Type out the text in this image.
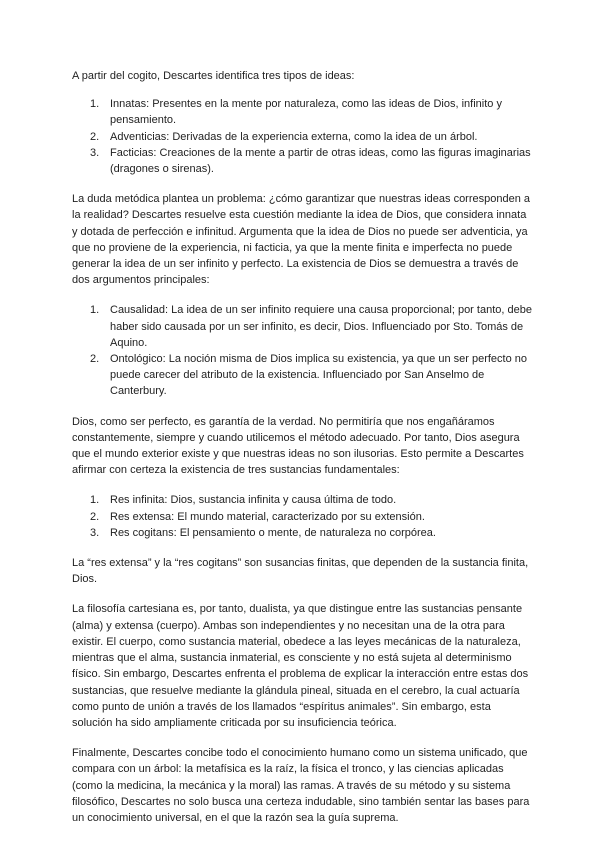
A partir del cogito, Descartes identifica tres tipos de ideas:

1. Innatas: Presentes en la mente por naturaleza, como las ideas de Dios, infinito y pensamiento.
2. Adventicias: Derivadas de la experiencia externa, como la idea de un árbol.
3. Facticias: Creaciones de la mente a partir de otras ideas, como las figuras imaginarias (dragones o sirenas).

La duda metódica plantea un problema: ¿cómo garantizar que nuestras ideas corresponden a la realidad? Descartes resuelve esta cuestión mediante la idea de Dios, que considera innata y dotada de perfección e infinitud. Argumenta que la idea de Dios no puede ser adventicia, ya que no proviene de la experiencia, ni facticia, ya que la mente finita e imperfecta no puede generar la idea de un ser infinito y perfecto. La existencia de Dios se demuestra a través de dos argumentos principales:

1. Causalidad: La idea de un ser infinito requiere una causa proporcional; por tanto, debe haber sido causada por un ser infinito, es decir, Dios. Influenciado por Sto. Tomás de Aquino.
2. Ontológico: La noción misma de Dios implica su existencia, ya que un ser perfecto no puede carecer del atributo de la existencia. Influenciado por San Anselmo de Canterbury.

Dios, como ser perfecto, es garantía de la verdad. No permitiría que nos engañáramos constantemente, siempre y cuando utilicemos el método adecuado. Por tanto, Dios asegura que el mundo exterior existe y que nuestras ideas no son ilusorias. Esto permite a Descartes afirmar con certeza la existencia de tres sustancias fundamentales:

1. Res infinita: Dios, sustancia infinita y causa última de todo.
2. Res extensa: El mundo material, caracterizado por su extensión.
3. Res cogitans: El pensamiento o mente, de naturaleza no corpórea.

La “res extensa” y la “res cogitans” son susancias finitas, que dependen de la sustancia finita, Dios.

La filosofía cartesiana es, por tanto, dualista, ya que distingue entre las sustancias pensante (alma) y extensa (cuerpo). Ambas son independientes y no necesitan una de la otra para existir. El cuerpo, como sustancia material, obedece a las leyes mecánicas de la naturaleza, mientras que el alma, sustancia inmaterial, es consciente y no está sujeta al determinismo físico. Sin embargo, Descartes enfrenta el problema de explicar la interacción entre estas dos sustancias, que resuelve mediante la glándula pineal, situada en el cerebro, la cual actuaría como punto de unión a través de los llamados “espíritus animales”. Sin embargo, esta solución ha sido ampliamente criticada por su insuficiencia teórica.

Finalmente, Descartes concibe todo el conocimiento humano como un sistema unificado, que compara con un árbol: la metafísica es la raíz, la física el tronco, y las ciencias aplicadas (como la medicina, la mecánica y la moral) las ramas. A través de su método y su sistema filosófico, Descartes no solo busca una certeza indudable, sino también sentar las bases para un conocimiento universal, en el que la razón sea la guía suprema.
